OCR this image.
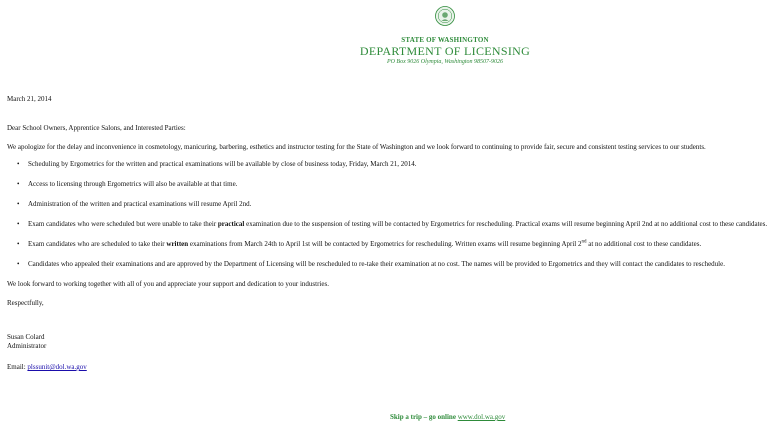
STATE OF WASHINGTON
DEPARTMENT OF LICENSING
PO Box 9026 Olympia, Washington 98507-9026

March 21, 2014

Dear School Owners, Apprentice Salons, and Interested Parties:

We apologize for the delay and inconvenience in cosmetology, manicuring, barbering, esthetics and instructor testing for the State of Washington and we look forward to continuing to provide fair, secure and consistent testing services to our students.

• Scheduling by Ergometrics for the written and practical examinations will be available by close of business today, Friday, March 21, 2014.
• Access to licensing through Ergometrics will also be available at that time.
• Administration of the written and practical examinations will resume April 2nd.
• Exam candidates who were scheduled but were unable to take their practical examination due to the suspension of testing will be contacted by Ergometrics for rescheduling. Practical exams will resume beginning April 2nd at no additional cost to these candidates.
• Exam candidates who are scheduled to take their written examinations from March 24th to April 1st will be contacted by Ergometrics for rescheduling. Written exams will resume beginning April 2nd at no additional cost to these candidates.
• Candidates who appealed their examinations and are approved by the Department of Licensing will be rescheduled to re-take their examination at no cost. The names will be provided to Ergometrics and they will contact the candidates to reschedule.

We look forward to working together with all of you and appreciate your support and dedication to your industries.

Respectfully,

Susan Colard

Administrator

Email: plssunit@dol.wa.gov

Skip a trip – go online www.dol.wa.gov
